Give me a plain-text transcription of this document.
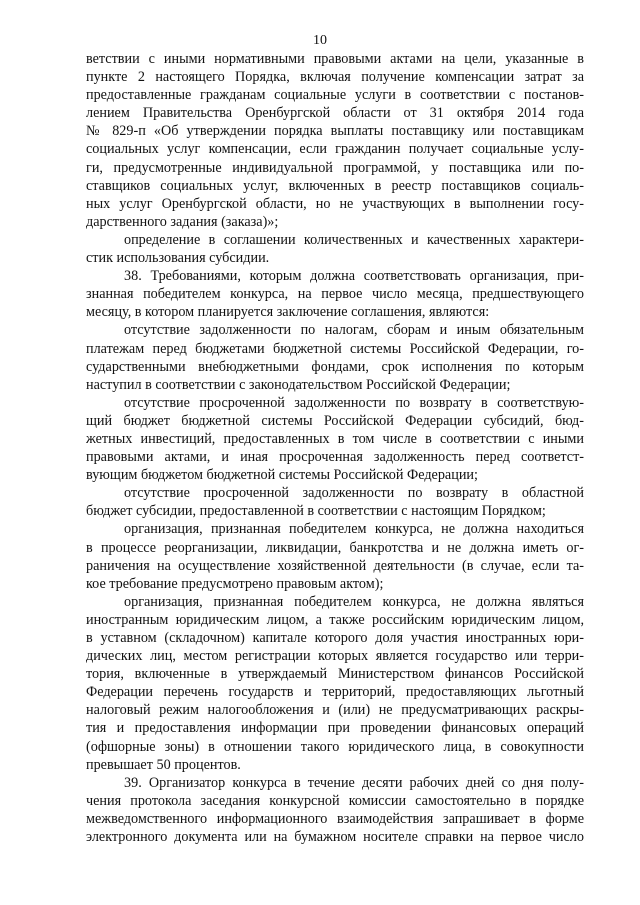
10
ветствии с иными нормативными правовыми актами на цели, указанные в
пункте 2 настоящего Порядка, включая получение компенсации затрат за
предоставленные гражданам социальные услуги в соответствии с постанов-
лением Правительства Оренбургской области от 31 октября 2014 года
№ 829-п «Об утверждении порядка выплаты поставщику или поставщикам
социальных услуг компенсации, если гражданин получает социальные услу-
ги, предусмотренные индивидуальной программой, у поставщика или по-
ставщиков социальных услуг, включенных в реестр поставщиков социаль-
ных услуг Оренбургской области, но не участвующих в выполнении госу-
дарственного задания (заказа)»;
определение в соглашении количественных и качественных характери-
стик использования субсидии.
38. Требованиями, которым должна соответствовать организация, при-
знанная победителем конкурса, на первое число месяца, предшествующего
месяцу, в котором планируется заключение соглашения, являются:
отсутствие задолженности по налогам, сборам и иным обязательным
платежам перед бюджетами бюджетной системы Российской Федерации, го-
сударственными внебюджетными фондами, срок исполнения по которым
наступил в соответствии с законодательством Российской Федерации;
отсутствие просроченной задолженности по возврату в соответствую-
щий бюджет бюджетной системы Российской Федерации субсидий, бюд-
жетных инвестиций, предоставленных в том числе в соответствии с иными
правовыми актами, и иная просроченная задолженность перед соответст-
вующим бюджетом бюджетной системы Российской Федерации;
отсутствие просроченной задолженности по возврату в областной
бюджет субсидии, предоставленной в соответствии с настоящим Порядком;
организация, признанная победителем конкурса, не должна находиться
в процессе реорганизации, ликвидации, банкротства и не должна иметь ог-
раничения на осуществление хозяйственной деятельности (в случае, если та-
кое требование предусмотрено правовым актом);
организация, признанная победителем конкурса, не должна являться
иностранным юридическим лицом, а также российским юридическим лицом,
в уставном (складочном) капитале которого доля участия иностранных юри-
дических лиц, местом регистрации которых является государство или терри-
тория, включенные в утверждаемый Министерством финансов Российской
Федерации перечень государств и территорий, предоставляющих льготный
налоговый режим налогообложения и (или) не предусматривающих раскры-
тия и предоставления информации при проведении финансовых операций
(офшорные зоны) в отношении такого юридического лица, в совокупности
превышает 50 процентов.
39. Организатор конкурса в течение десяти рабочих дней со дня полу-
чения протокола заседания конкурсной комиссии самостоятельно в порядке
межведомственного информационного взаимодействия запрашивает в форме
электронного документа или на бумажном носителе справки на первое число
